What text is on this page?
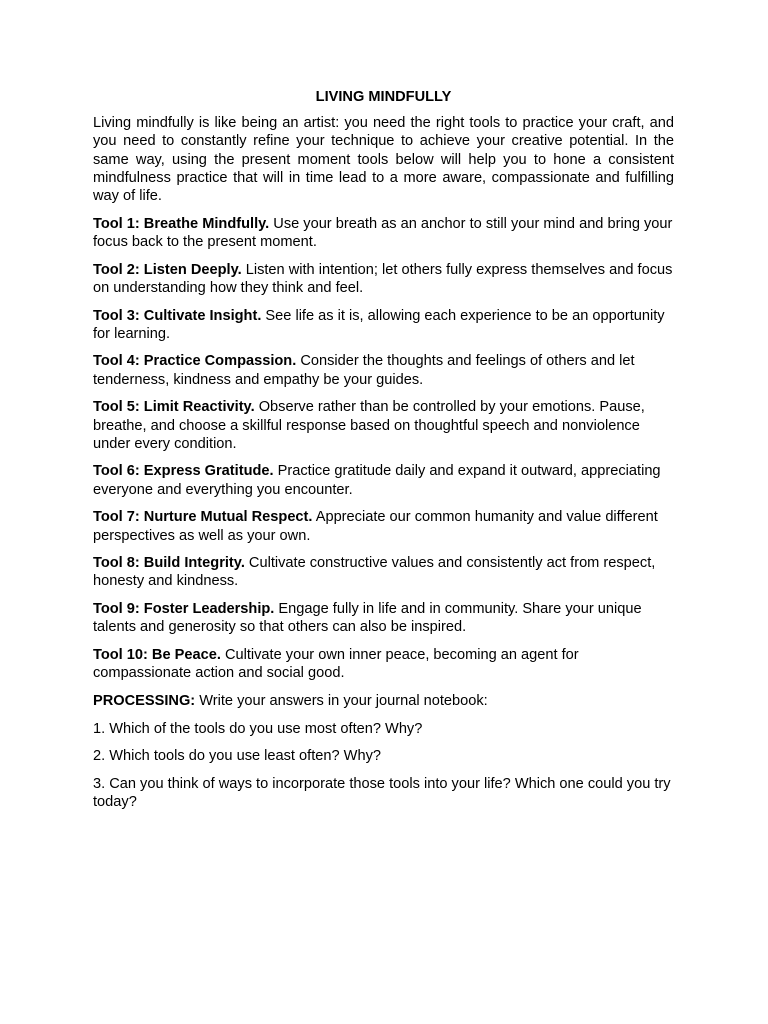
LIVING MINDFULLY

Living mindfully is like being an artist: you need the right tools to practice your craft, and you need to constantly refine your technique to achieve your creative potential. In the same way, using the present moment tools below will help you to hone a consistent mindfulness practice that will in time lead to a more aware, compassionate and fulfilling way of life.

Tool 1: Breathe Mindfully. Use your breath as an anchor to still your mind and bring your focus back to the present moment.

Tool 2: Listen Deeply. Listen with intention; let others fully express themselves and focus on understanding how they think and feel.

Tool 3: Cultivate Insight. See life as it is, allowing each experience to be an opportunity for learning.

Tool 4: Practice Compassion. Consider the thoughts and feelings of others and let tenderness, kindness and empathy be your guides.

Tool 5: Limit Reactivity. Observe rather than be controlled by your emotions. Pause, breathe, and choose a skillful response based on thoughtful speech and nonviolence under every condition.

Tool 6: Express Gratitude. Practice gratitude daily and expand it outward, appreciating everyone and everything you encounter.

Tool 7: Nurture Mutual Respect. Appreciate our common humanity and value different perspectives as well as your own.

Tool 8: Build Integrity. Cultivate constructive values and consistently act from respect, honesty and kindness.

Tool 9: Foster Leadership. Engage fully in life and in community. Share your unique talents and generosity so that others can also be inspired.

Tool 10: Be Peace. Cultivate your own inner peace, becoming an agent for compassionate action and social good.

PROCESSING: Write your answers in your journal notebook:

1. Which of the tools do you use most often? Why?

2. Which tools do you use least often? Why?

3. Can you think of ways to incorporate those tools into your life? Which one could you try today?
